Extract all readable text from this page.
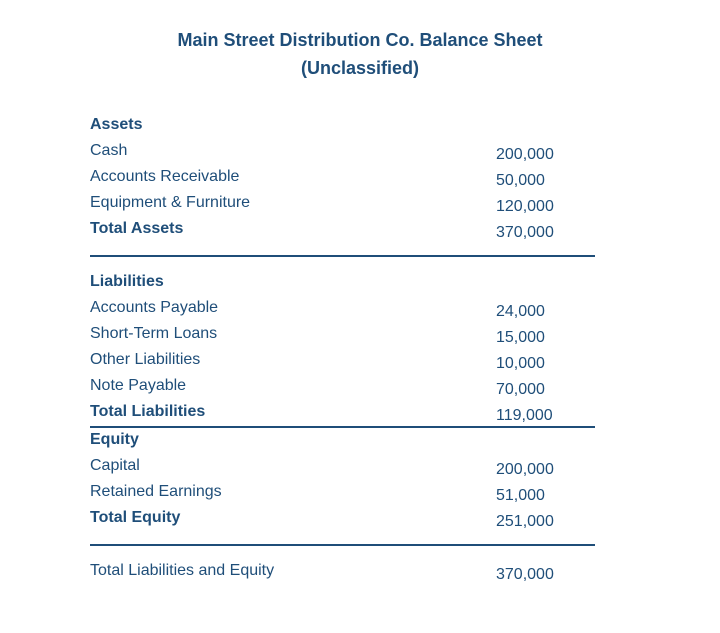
Main Street Distribution Co. Balance Sheet
(Unclassified)
Assets
Cash	200,000
Accounts Receivable	50,000
Equipment & Furniture	120,000
Total Assets	370,000
Liabilities
Accounts Payable	24,000
Short-Term Loans	15,000
Other Liabilities	10,000
Note Payable	70,000
Total Liabilities	119,000
Equity
Capital	200,000
Retained Earnings	51,000
Total Equity	251,000
Total Liabilities and Equity	370,000
